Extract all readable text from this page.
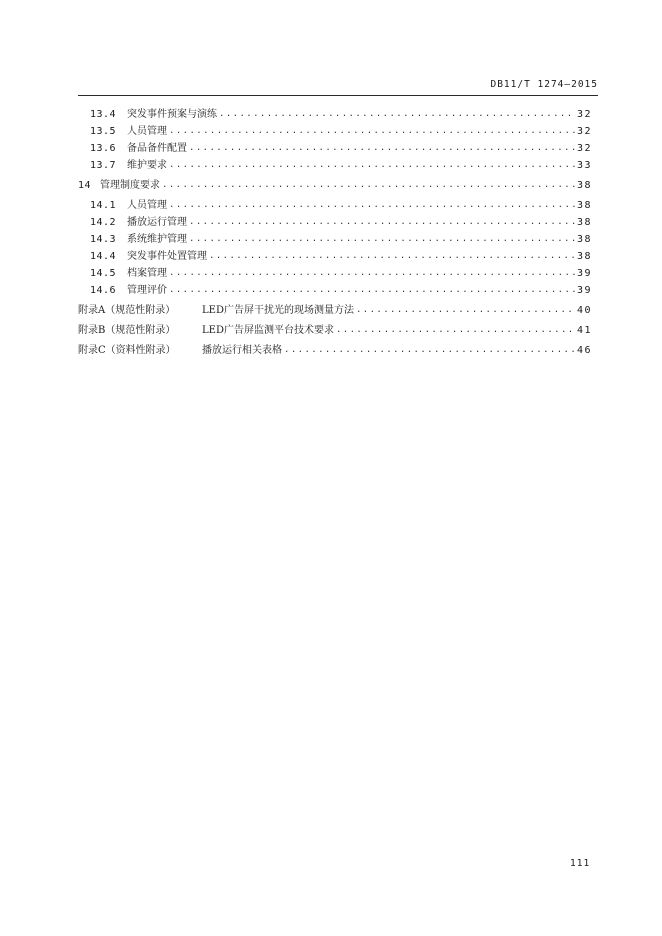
DB11/T 1274—2015
13.4	突发事件预案与演练 .....	32
13.5	人员管理 .....	32
13.6	备品备件配置 .....	32
13.7	维护要求 .....	33
14 管理制度要求 .....	38
14.1	人员管理 .....	38
14.2	播放运行管理 .....	38
14.3	系统维护管理 .....	38
14.4	突发事件处置管理 .....	38
14.5	档案管理 .....	39
14.6	管理评价 .....	39
附录A（规范性附录）	LED广告屏干扰光的现场测量方法 .....	40
附录B（规范性附录）	LED广告屏监测平台技术要求 .....	41
附录C（资料性附录）	播放运行相关表格 .....	46
111
